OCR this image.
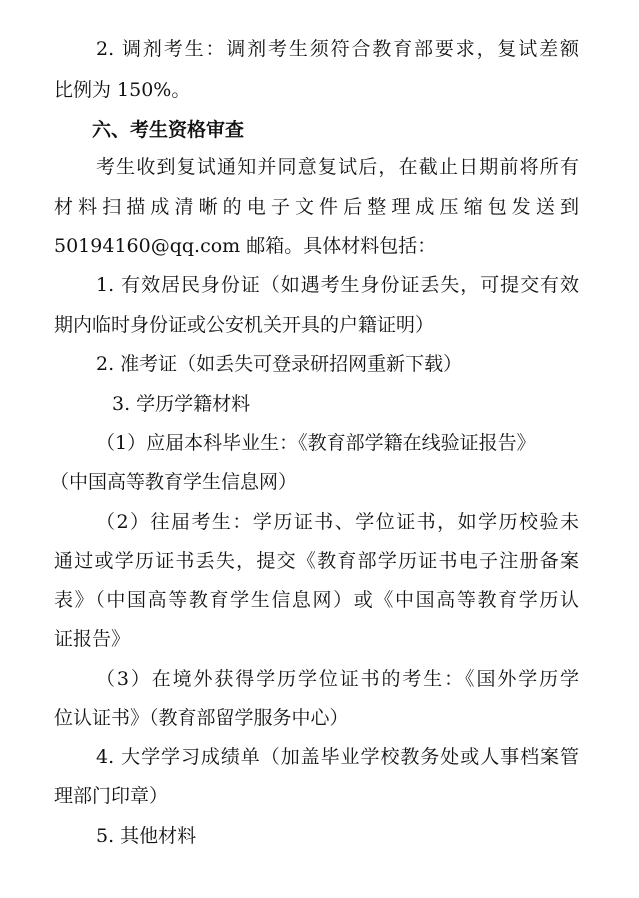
2. 调剂考生：调剂考生须符合教育部要求，复试差额
比例为 150%。
六、考生资格审查
考生收到复试通知并同意复试后，在截止日期前将所有
材料扫描成清晰的电子文件后整理成压缩包发送到
50194160@qq.com 邮箱。具体材料包括：
1. 有效居民身份证（如遇考生身份证丢失，可提交有效
期内临时身份证或公安机关开具的户籍证明）
2. 准考证（如丢失可登录研招网重新下载）
3. 学历学籍材料
（1）应届本科毕业生：《教育部学籍在线验证报告》
（中国高等教育学生信息网）
（2）往届考生：学历证书、学位证书，如学历校验未
通过或学历证书丢失，提交《教育部学历证书电子注册备案
表》（中国高等教育学生信息网）或《中国高等教育学历认
证报告》
（3）在境外获得学历学位证书的考生：《国外学历学
位认证书》（教育部留学服务中心）
4. 大学学习成绩单（加盖毕业学校教务处或人事档案管
理部门印章）
5. 其他材料
